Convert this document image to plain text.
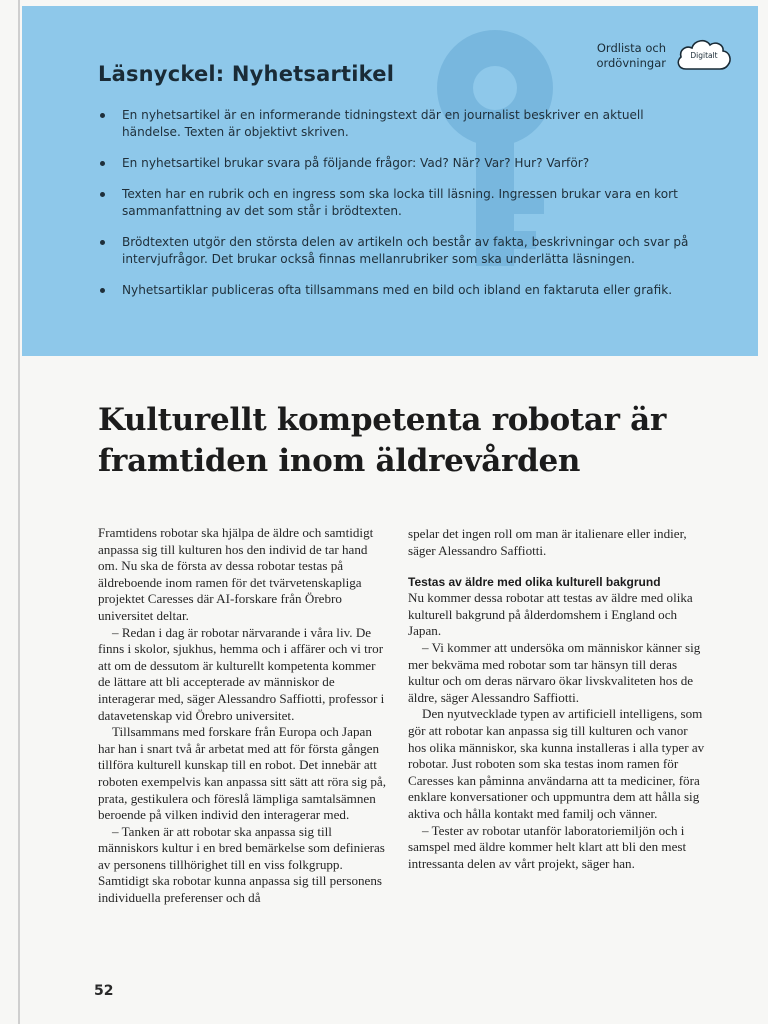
Läsnyckel: Nyhetsartikel
Ordlista och
ordövningar
Digitalt
En nyhetsartikel är en informerande tidningstext där en journalist beskriver en aktuell händelse. Texten är objektivt skriven.
En nyhetsartikel brukar svara på följande frågor: Vad? När? Var? Hur? Varför?
Texten har en rubrik och en ingress som ska locka till läsning. Ingressen brukar vara en kort sammanfattning av det som står i brödtexten.
Brödtexten utgör den största delen av artikeln och består av fakta, beskrivningar och svar på intervjufrågor. Det brukar också finnas mellanrubriker som ska underlätta läsningen.
Nyhetsartiklar publiceras ofta tillsammans med en bild och ibland en faktaruta eller grafik.
Kulturellt kompetenta robotar är framtiden inom äldrevården

Framtidens robotar ska hjälpa de äldre och samtidigt anpassa sig till kulturen hos den individ de tar hand om. Nu ska de första av dessa robotar testas på äldreboende inom ramen för det tvärvetenskapliga projektet Caresses där AI-forskare från Örebro universitet deltar.

– Redan i dag är robotar närvarande i våra liv. De finns i skolor, sjukhus, hemma och i affärer och vi tror att om de dessutom är kulturellt kompetenta kommer de lättare att bli accepterade av människor de interagerar med, säger Alessandro Saffiotti, professor i datavetenskap vid Örebro universitet.

Tillsammans med forskare från Europa och Japan har han i snart två år arbetat med att för första gången tillföra kulturell kunskap till en robot. Det innebär att roboten exempelvis kan anpassa sitt sätt att röra sig på, prata, gestikulera och föreslå lämpliga samtalsämnen beroende på vilken individ den interagerar med.

– Tanken är att robotar ska anpassa sig till människors kultur i en bred bemärkelse som definieras av personens tillhörighet till en viss folkgrupp. Samtidigt ska robotar kunna anpassa sig till personens individuella preferenser och då

spelar det ingen roll om man är italienare eller indier, säger Alessandro Saffiotti.

Testas av äldre med olika kulturell bakgrund

Nu kommer dessa robotar att testas av äldre med olika kulturell bakgrund på ålderdomshem i England och Japan.

– Vi kommer att undersöka om människor känner sig mer bekväma med robotar som tar hänsyn till deras kultur och om deras närvaro ökar livskvaliteten hos de äldre, säger Alessandro Saffiotti.

Den nyutvecklade typen av artificiell intelligens, som gör att robotar kan anpassa sig till kulturen och vanor hos olika människor, ska kunna installeras i alla typer av robotar. Just roboten som ska testas inom ramen för Caresses kan påminna användarna att ta mediciner, föra enklare konversationer och uppmuntra dem att hålla sig aktiva och hålla kontakt med familj och vänner.

– Tester av robotar utanför laboratoriemiljön och i samspel med äldre kommer helt klart att bli den mest intressanta delen av vårt projekt, säger han.

52
